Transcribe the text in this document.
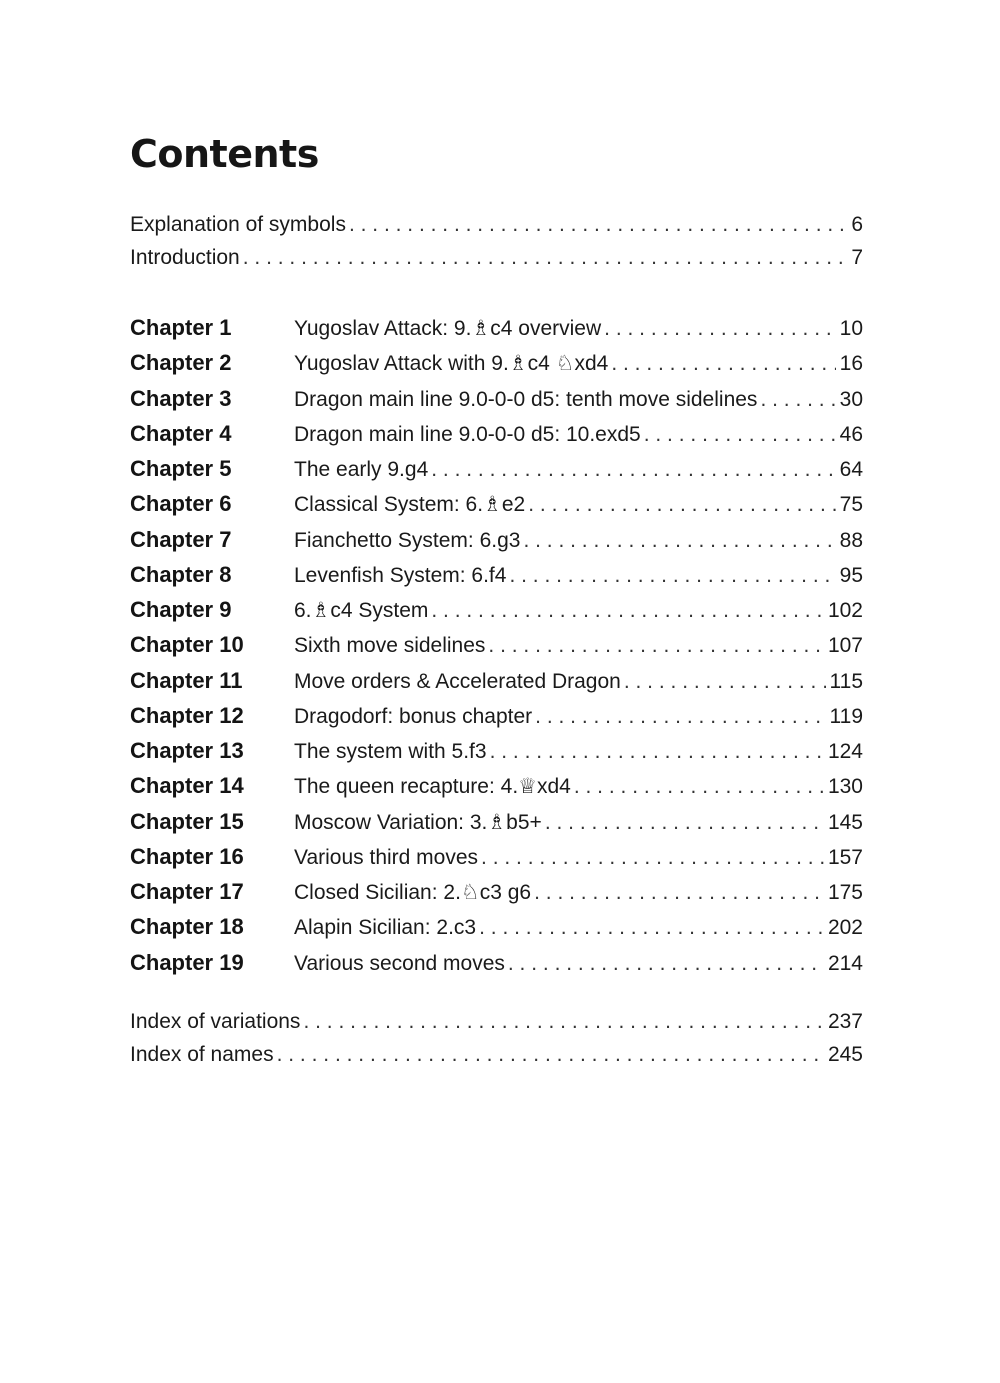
Contents
Explanation of symbols . . .	6
Introduction . . .	7
Chapter 1	Yugoslav Attack: 9.♗c4 overview . . .	10
Chapter 2	Yugoslav Attack with 9.♗c4 ♘xd4 . . .	16
Chapter 3	Dragon main line 9.0-0-0 d5: tenth move sidelines . . .	30
Chapter 4	Dragon main line 9.0-0-0 d5: 10.exd5 . . .	46
Chapter 5	The early 9.g4 . . .	64
Chapter 6	Classical System: 6.♗e2 . . .	75
Chapter 7	Fianchetto System: 6.g3 . . .	88
Chapter 8	Levenfish System: 6.f4 . . .	95
Chapter 9	6.♗c4 System . . .	102
Chapter 10	Sixth move sidelines . . .	107
Chapter 11	Move orders & Accelerated Dragon . . .	115
Chapter 12	Dragodorf: bonus chapter . . .	119
Chapter 13	The system with 5.f3 . . .	124
Chapter 14	The queen recapture: 4.♕xd4 . . .	130
Chapter 15	Moscow Variation: 3.♗b5+ . . .	145
Chapter 16	Various third moves . . .	157
Chapter 17	Closed Sicilian: 2.♘c3 g6 . . .	175
Chapter 18	Alapin Sicilian: 2.c3 . . .	202
Chapter 19	Various second moves . . .	214
Index of variations . . .	237
Index of names . . .	245
